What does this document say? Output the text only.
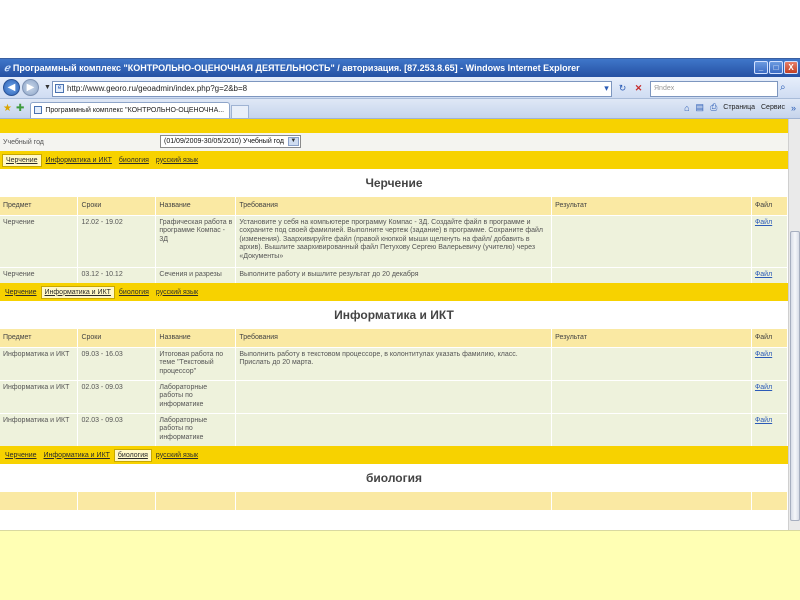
ℯ Программный комплекс "КОНТРОЛЬНО-ОЦЕНОЧНАЯ ДЕЯТЕЛЬНОСТЬ" / авторизация. [87.253.8.65] - Windows Internet Explorer	_	□	X
◀	▶	▼	e http://www.georo.ru/geoadmin/index.php?g=2&b=8	▾	↻ ✕	Яndex	⌕
★ ✚	Программный комплекс "КОНТРОЛЬНО-ОЦЕНОЧНА...	⌂ ▤ ⎙ Страница Сервис »
Учебный год	(01/09/2009-30/05/2010) Учебный год	▼
Черчение	Информатика и ИКТ	биология	русский язык
Черчение
Предмет	Сроки	Название	Требования	Результат	Файл
Черчение	12.02 - 19.02	Графическая работа в программе Компас - 3Д	Установите у себя на компьютере программу Компас - 3Д. Создайте файл в программе и сохраните под своей фамилией. Выполните чертеж (задание) в программе. Сохраните файл (изменения). Заархивируйте файл (правой кнопкой мыши щелкнуть на файл/ добавить в архив). Вышлите заархивированный файл Петухову Сергею Валерьевичу (учителю) через «Документы»		Файл
Черчение	03.12 - 10.12	Сечения и разрезы	Выполните работу и вышлите результат до 20 декабря		Файл
Черчение	Информатика и ИКТ	биология	русский язык
Информатика и ИКТ
Предмет	Сроки	Название	Требования	Результат	Файл
Информатика и ИКТ	09.03 - 16.03	Итоговая работа по теме "Текстовый процессор"	Выполнить работу в текстовом процессоре, в колонтитулах указать фамилию, класс. Прислать до 20 марта.		Файл
Информатика и ИКТ	02.03 - 09.03	Лабораторные работы по информатике			Файл
Информатика и ИКТ	02.03 - 09.03	Лабораторные работы по информатике			Файл
Черчение	Информатика и ИКТ	биология	русский язык
биология
